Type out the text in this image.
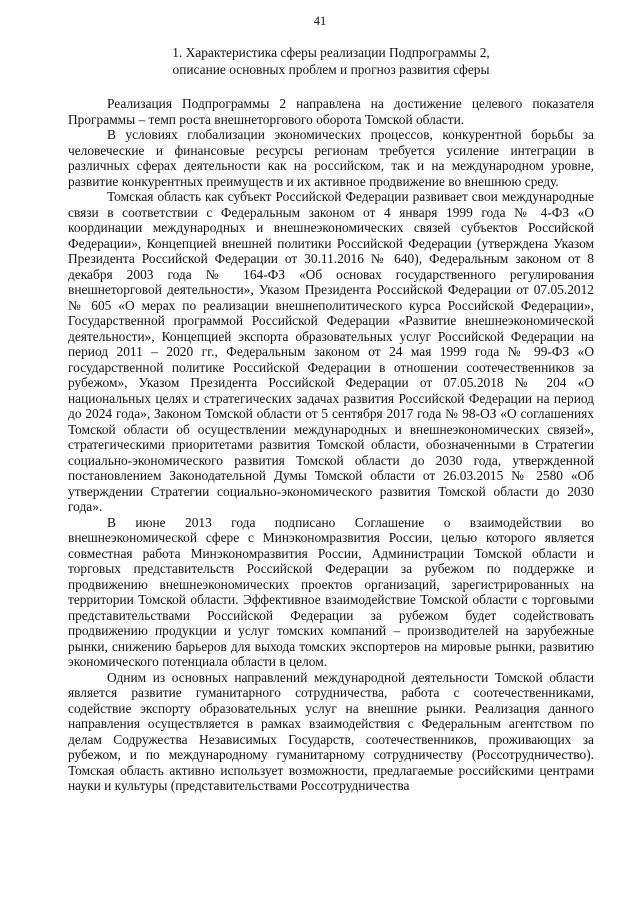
41
1. Характеристика сферы реализации Подпрограммы 2,
описание основных проблем и прогноз развития сферы

Реализация Подпрограммы 2 направлена на достижение целевого показателя Программы – темп роста внешнеторгового оборота Томской области.

В условиях глобализации экономических процессов, конкурентной борьбы за человеческие и финансовые ресурсы регионам требуется усиление интеграции в различных сферах деятельности как на российском, так и на международном уровне, развитие конкурентных преимуществ и их активное продвижение во внешнюю среду.

Томская область как субъект Российской Федерации развивает свои международные связи в соответствии с Федеральным законом от 4 января 1999 года № 4-ФЗ «О координации международных и внешнеэкономических связей субъектов Российской Федерации», Концепцией внешней политики Российской Федерации (утверждена Указом Президента Российской Федерации от 30.11.2016 № 640), Федеральным законом от 8 декабря 2003 года № 164-ФЗ «Об основах государственного регулирования внешнеторговой деятельности», Указом Президента Российской Федерации от 07.05.2012 № 605 «О мерах по реализации внешнеполитического курса Российской Федерации», Государственной программой Российской Федерации «Развитие внешнеэкономической деятельности», Концепцией экспорта образовательных услуг Российской Федерации на период 2011 – 2020 гг., Федеральным законом от 24 мая 1999 года № 99-ФЗ «О государственной политике Российской Федерации в отношении соотечественников за рубежом», Указом Президента Российской Федерации от 07.05.2018 № 204 «О национальных целях и стратегических задачах развития Российской Федерации на период до 2024 года», Законом Томской области от 5 сентября 2017 года № 98-ОЗ «О соглашениях Томской области об осуществлении международных и внешнеэкономических связей», стратегическими приоритетами развития Томской области, обозначенными в Стратегии социально-экономического развития Томской области до 2030 года, утвержденной постановлением Законодательной Думы Томской области от 26.03.2015 № 2580 «Об утверждении Стратегии социально-экономического развития Томской области до 2030 года».

В июне 2013 года подписано Соглашение о взаимодействии во внешнеэкономической сфере с Минэкономразвития России, целью которого является совместная работа Минэкономразвития России, Администрации Томской области и торговых представительств Российской Федерации за рубежом по поддержке и продвижению внешнеэкономических проектов организаций, зарегистрированных на территории Томской области. Эффективное взаимодействие Томской области с торговыми представительствами Российской Федерации за рубежом будет содействовать продвижению продукции и услуг томских компаний – производителей на зарубежные рынки, снижению барьеров для выхода томских экспортеров на мировые рынки, развитию экономического потенциала области в целом.

Одним из основных направлений международной деятельности Томской области является развитие гуманитарного сотрудничества, работа с соотечественниками, содействие экспорту образовательных услуг на внешние рынки. Реализация данного направления осуществляется в рамках взаимодействия с Федеральным агентством по делам Содружества Независимых Государств, соотечественников, проживающих за рубежом, и по международному гуманитарному сотрудничеству (Россотрудничество). Томская область активно использует возможности, предлагаемые российскими центрами науки и культуры (представительствами Россотрудничества
